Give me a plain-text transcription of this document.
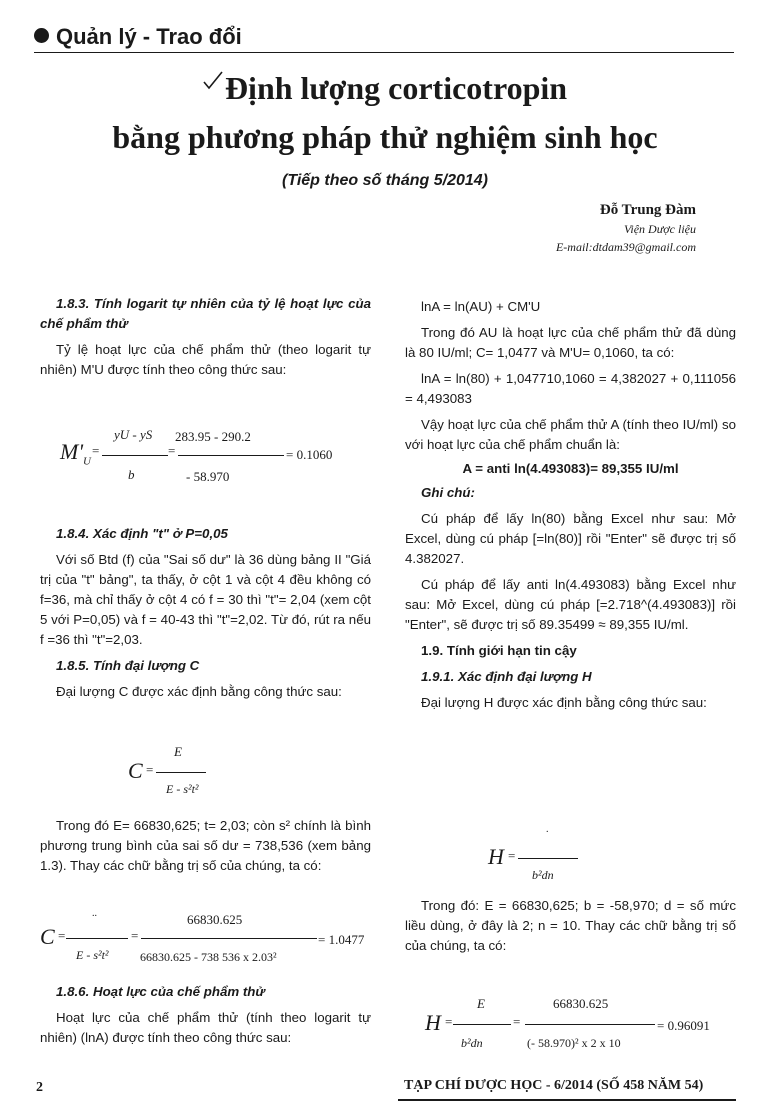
Quản lý - Trao đổi
Định lượng corticotropin
bằng phương pháp thử nghiệm sinh học
(Tiếp theo số tháng 5/2014)
Đỗ Trung Đàm
Viện Dược liệu
E-mail:dtdam39@gmail.com

1.8.3. Tính logarit tự nhiên của tỷ lệ hoạt lực của chế phẩm thử

Tỷ lệ hoạt lực của chế phẩm thử (theo logarit tự nhiên) M'U được tính theo công thức sau:

$M'_U$
=
yU - yS
b
=
283.95 - 290.2
- 58.970
= 0.1060

1.8.4. Xác định "t" ở P=0,05

Với số Btd (f) của "Sai số dư" là 36 dùng bảng II "Giá trị của "t" bảng", ta thấy, ở cột 1 và cột 4 đều không có f=36, mà chỉ thấy ở cột 4 có f = 30 thì "t"= 2,04 (xem cột 5 với P=0,05) và f = 40-43 thì "t"=2,02. Từ đó, rút ra nếu f =36 thì "t"=2,03.

1.8.5. Tính đại lượng C

Đại lượng C được xác định bằng công thức sau:

C =
E
E - s²t²

Trong đó E= 66830,625; t= 2,03; còn s² chính là bình phương trung bình của sai số dư = 738,536 (xem bảng 1.3). Thay các chữ bằng trị số của chúng, ta có:

C =
..
E - s²t²
=
66830.625
66830.625 - 738 536 x 2.03²
= 1.0477

1.8.6. Hoạt lực của chế phẩm thử

Hoạt lực của chế phẩm thử (tính theo logarit tự nhiên) (lnA) được tính theo công thức sau:

lnA = ln(AU) + CM'U

Trong đó AU là hoạt lực của chế phẩm thử đã dùng là 80 IU/ml; C= 1,0477 và M'U= 0,1060, ta có:

lnA = ln(80) + 1,047710,1060 = 4,382027 + 0,111056 = 4,493083

Vậy hoạt lực của chế phẩm thử A (tính theo IU/ml) so với hoạt lực của chế phẩm chuẩn là:

A = anti ln(4.493083)= 89,355 IU/ml

Ghi chú:

Cú pháp để lấy ln(80) bằng Excel như sau: Mở Excel, dùng cú pháp [=ln(80)] rồi "Enter" sẽ được trị số 4.382027.

Cú pháp để lấy anti ln(4.493083) bằng Excel như sau: Mở Excel, dùng cú pháp [=2.718^(4.493083)] rồi "Enter", sẽ được trị số 89.35499 ≈ 89,355 IU/ml.

1.9. Tính giới hạn tin cậy

1.9.1. Xác định đại lượng H

Đại lượng H được xác định bằng công thức sau:

H =
.
b²dn

Trong đó: E = 66830,625; b = -58,970; d = số mức liều dùng, ở đây là 2; n = 10. Thay các chữ bằng trị số của chúng, ta có:

H =
E
b²dn
=
66830.625
(- 58.970)² x 2 x 10
= 0.96091
2	TẠP CHÍ DƯỢC HỌC - 6/2014 (SỐ 458 NĂM 54)
